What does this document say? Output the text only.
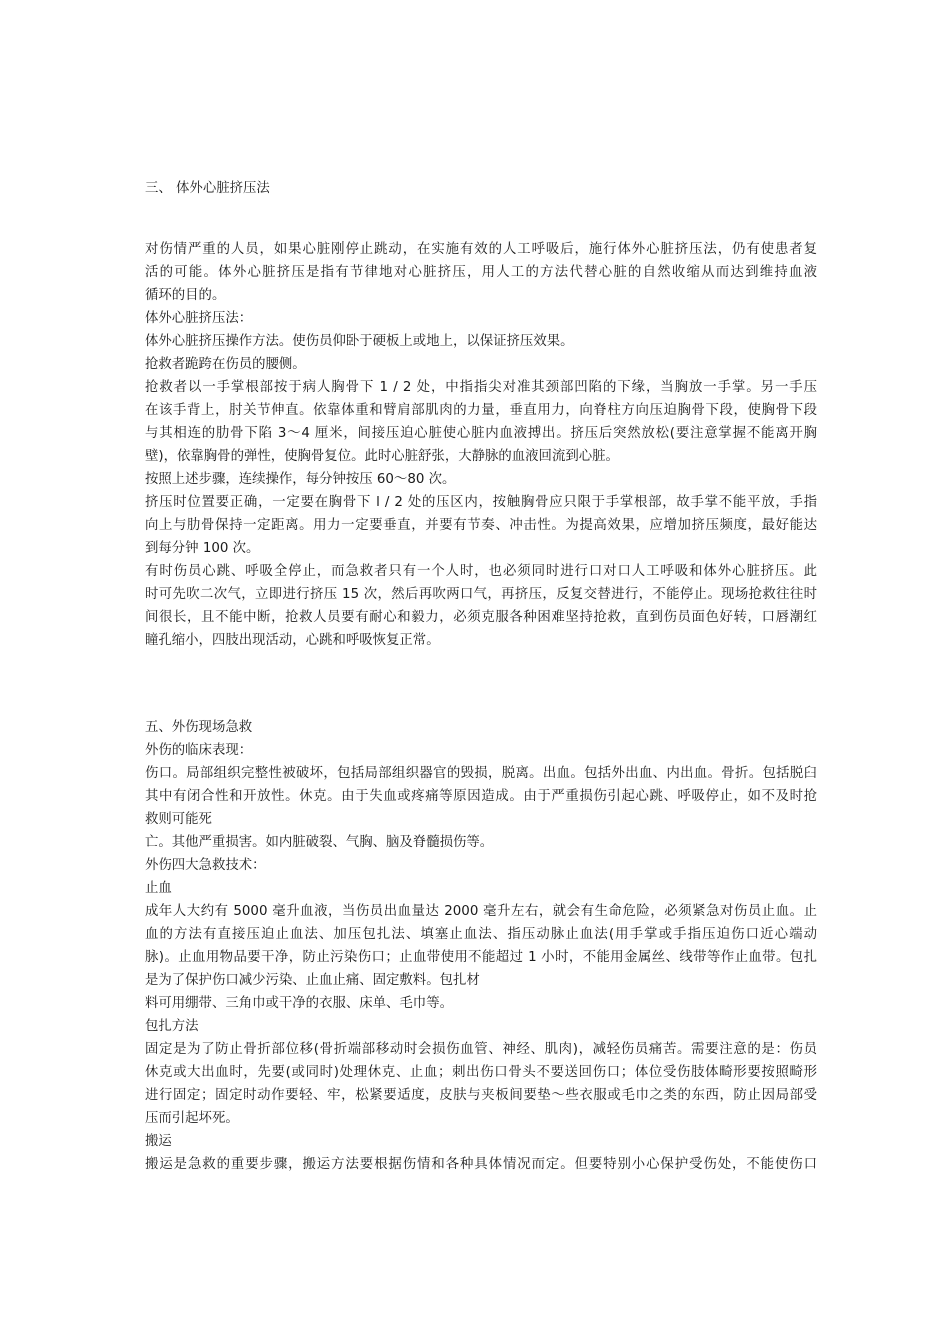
三、 体外心脏挤压法
对伤情严重的人员，如果心脏刚停止跳动，在实施有效的人工呼吸后，施行体外心脏挤压法，仍有使患者复
活的可能。体外心脏挤压是指有节律地对心脏挤压，用人工的方法代替心脏的自然收缩从而达到维持血液
循环的目的。
体外心脏挤压法：
体外心脏挤压操作方法。使伤员仰卧于硬板上或地上，以保证挤压效果。
抢救者跪跨在伤员的腰侧。
抢救者以一手掌根部按于病人胸骨下 1 / 2 处，中指指尖对准其颈部凹陷的下缘，当胸放一手掌。另一手压
在该手背上，肘关节伸直。依靠体重和臂肩部肌肉的力量，垂直用力，向脊柱方向压迫胸骨下段，使胸骨下段
与其相连的肋骨下陷 3～4 厘米，间接压迫心脏使心脏内血液搏出。挤压后突然放松(要注意掌握不能离开胸
壁)，依靠胸骨的弹性，使胸骨复位。此时心脏舒张，大静脉的血液回流到心脏。
按照上述步骤，连续操作，每分钟按压 60～80 次。
挤压时位置要正确，一定要在胸骨下 l / 2 处的压区内，按触胸骨应只限于手掌根部，故手掌不能平放，手指
向上与肋骨保持一定距离。用力一定要垂直，并要有节奏、冲击性。为提高效果，应增加挤压频度，最好能达
到每分钟 100 次。
有时伤员心跳、呼吸全停止，而急救者只有一个人时，也必须同时进行口对口人工呼吸和体外心脏挤压。此
时可先吹二次气，立即进行挤压 15 次，然后再吹两口气，再挤压，反复交替进行，不能停止。现场抢救往往时
间很长，且不能中断，抢救人员要有耐心和毅力，必须克服各种困难坚持抢救，直到伤员面色好转，口唇潮红
瞳孔缩小，四肢出现活动，心跳和呼吸恢复正常。
五、外伤现场急救
外伤的临床表现：
伤口。局部组织完整性被破坏，包括局部组织器官的毁损，脱离。出血。包括外出血、内出血。骨折。包括脱臼
其中有闭合性和开放性。休克。由于失血或疼痛等原因造成。由于严重损伤引起心跳、呼吸停止，如不及时抢
救则可能死
亡。其他严重损害。如内脏破裂、气胸、脑及脊髓损伤等。
外伤四大急救技术：
止血
成年人大约有 5000 毫升血液，当伤员出血量达 2000 毫升左右，就会有生命危险，必须紧急对伤员止血。止
血的方法有直接压迫止血法、加压包扎法、填塞止血法、指压动脉止血法(用手掌或手指压迫伤口近心端动
脉)。止血用物品要干净，防止污染伤口；止血带使用不能超过 1 小时，不能用金属丝、线带等作止血带。包扎
是为了保护伤口减少污染、止血止痛、固定敷料。包扎材
料可用绷带、三角巾或干净的衣服、床单、毛巾等。
包扎方法
固定是为了防止骨折部位移(骨折端部移动时会损伤血管、神经、肌肉)，减轻伤员痛苦。需要注意的是：伤员
休克或大出血时，先要(或同时)处理休克、止血；刺出伤口骨头不要送回伤口；体位受伤肢体畸形要按照畸形
进行固定；固定时动作要轻、牢，松紧要适度，皮肤与夹板间要垫～些衣服或毛巾之类的东西，防止因局部受
压而引起坏死。
搬运
搬运是急救的重要步骤，搬运方法要根据伤情和各种具体情况而定。但要特别小心保护受伤处，不能使伤口
